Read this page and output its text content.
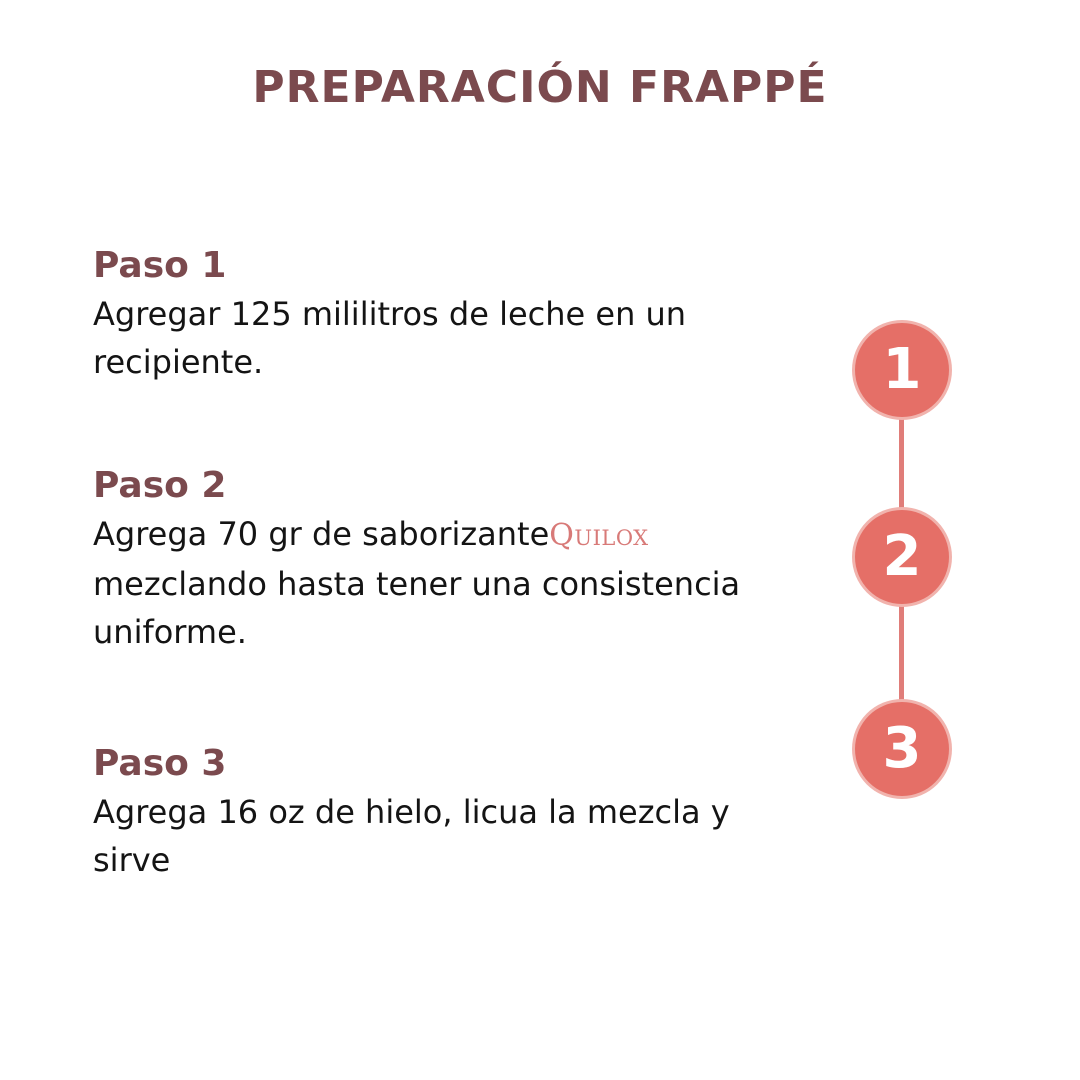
PREPARACIÓN FRAPPÉ
Paso 1

Agregar 125 mililitros de leche en un recipiente.

Paso 2

Agrega 70 gr de saborizanteQuilox mezclando hasta tener una consistencia uniforme.

Paso 3

Agrega 16 oz de hielo, licua la mezcla y sirve

1
2
3
